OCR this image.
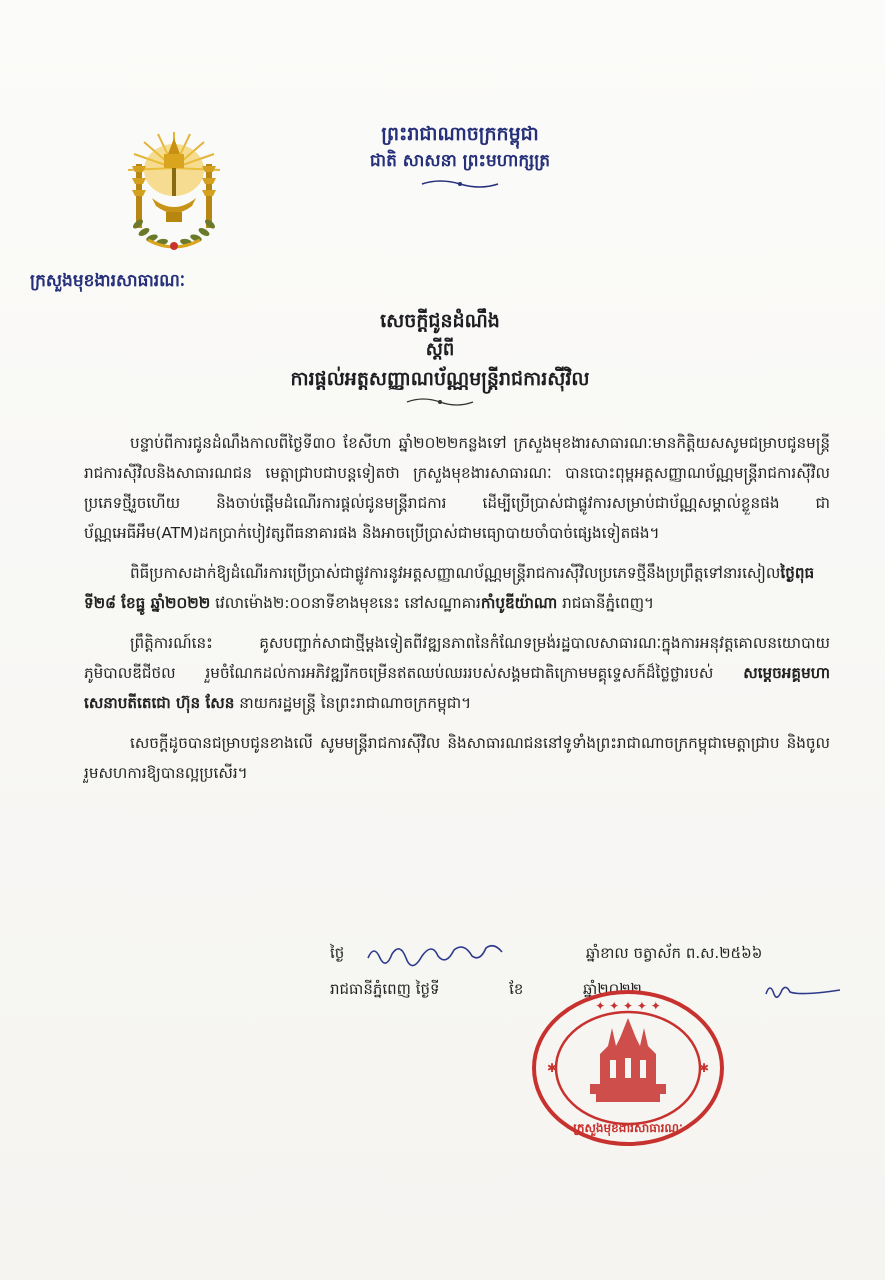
ព្រះរាជាណាចក្រកម្ពុជា
ជាតិ សាសនា ព្រះមហាក្សត្រ
ក្រសួងមុខងារសាធារណៈ
សេចក្តីជូនដំណឹង
ស្តីពី
ការផ្តល់អត្តសញ្ញាណប័ណ្ណមន្ត្រីរាជការស៊ីវិល

បន្ទាប់ពីការជូនដំណឹងកាលពីថ្ងៃទី៣០ ខែសីហា ឆ្នាំ២០២២កន្លងទៅ ក្រសួងមុខងារសាធារណៈមានកិត្តិយសសូមជម្រាបជូនមន្ត្រីរាជការស៊ីវិលនិងសាធារណជន មេត្តាជ្រាបជាបន្តទៀតថា ក្រសួងមុខងារសាធារណៈ បានបោះពុម្ពអត្តសញ្ញាណប័ណ្ណមន្ត្រីរាជការស៊ីវិលប្រភេទថ្មីរួចហើយ និងចាប់ផ្តើមដំណើរការផ្តល់ជូនមន្ត្រីរាជការ ដើម្បីប្រើប្រាស់ជាផ្លូវការសម្រាប់ជាប័ណ្ណសម្គាល់ខ្លួនផង ជាប័ណ្ណអេធីអឹម(ATM)ដកប្រាក់បៀវត្សពីធនាគារផង និងអាចប្រើប្រាស់ជាមធ្យោបាយចាំបាច់ផ្សេងទៀតផង។

ពិធីប្រកាសដាក់ឱ្យដំណើរការប្រើប្រាស់ជាផ្លូវការនូវអត្តសញ្ញាណប័ណ្ណមន្ត្រីរាជការស៊ីវិលប្រភេទថ្មីនឹងប្រព្រឹត្តទៅនារសៀលថ្ងៃពុធ ទី២៨ ខែធ្នូ ឆ្នាំ២០២២ វេលាម៉ោង២:០០នាទីខាងមុខនេះ នៅសណ្ឋាគារកាំបូឌីយ៉ាណា រាជធានីភ្នំពេញ។

ព្រឹត្តិការណ៍នេះ គូសបញ្ជាក់សាជាថ្មីម្តងទៀតពីវឌ្ឍនភាពនៃកំណែទម្រង់រដ្ឋបាលសាធារណៈក្នុងការអនុវត្តគោលនយោបាយភូមិបាលឌីជីថល រួមចំណែកដល់ការអភិវឌ្ឍរីកចម្រើនឥតឈប់ឈររបស់សង្គមជាតិក្រោមមគ្គុទ្ទេសក៍ដ៏ថ្លៃថ្លារបស់ សម្តេចអគ្គមហាសេនាបតីតេជោ ហ៊ុន សែន នាយករដ្ឋមន្ត្រី នៃព្រះរាជាណាចក្រកម្ពុជា។

សេចក្តីដូចបានជម្រាបជូនខាងលើ សូមមន្ត្រីរាជការស៊ីវិល និងសាធារណជននៅទូទាំងព្រះរាជាណាចក្រកម្ពុជាមេត្តាជ្រាប និងចូលរួមសហការឱ្យបានល្អប្រសើរ។

ថ្ងៃ	ឆ្នាំខាល ចត្វាស័ក ព.ស.២៥៦៦
រាជធានីភ្នំពេញ ថ្ងៃទី	ខែ	ឆ្នាំ២០២២
✦ ✦ ✦ ✦ ✦
✱	✱
ក្រសួងមុខងារសាធារណៈ
